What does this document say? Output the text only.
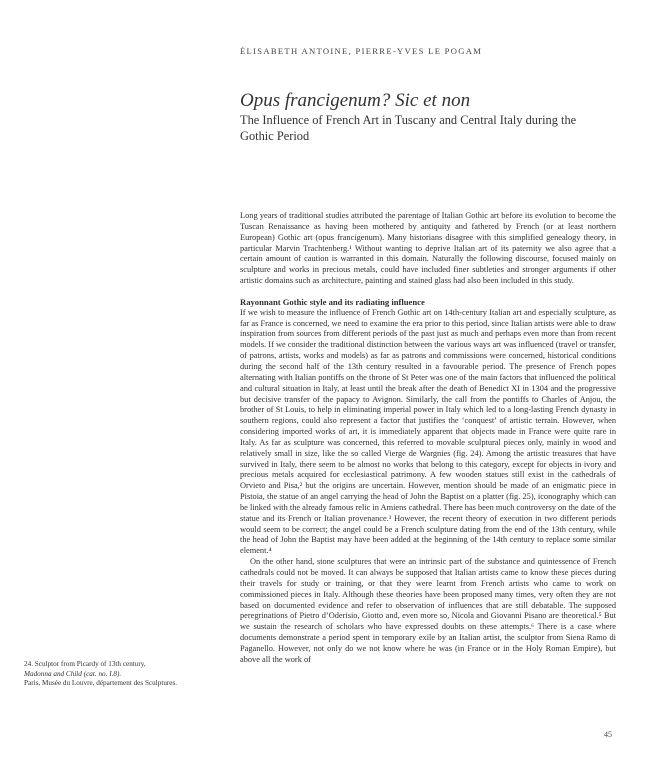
ÉLISABETH ANTOINE, PIERRE-YVES LE POGAM
Opus francigenum? Sic et non
The Influence of French Art in Tuscany and Central Italy during the Gothic Period

Long years of traditional studies attributed the parentage of Italian Gothic art before its evolution to become the Tuscan Renaissance as having been mothered by antiquity and fathered by French (or at least northern European) Gothic art (opus francigenum). Many historians disagree with this simplified genealogy theory, in particular Marvin Trachtenberg.¹ Without wanting to deprive Italian art of its paternity we also agree that a certain amount of caution is warranted in this domain. Naturally the following discourse, focused mainly on sculpture and works in precious metals, could have included finer subtleties and stronger arguments if other artistic domains such as architecture, painting and stained glass had also been included in this study.

Rayonnant Gothic style and its radiating influence

If we wish to measure the influence of French Gothic art on 14th-century Italian art and especially sculpture, as far as France is concerned, we need to examine the era prior to this period, since Italian artists were able to draw inspiration from sources from different periods of the past just as much and perhaps even more than from recent models. If we consider the traditional distinction between the various ways art was influenced (travel or transfer, of patrons, artists, works and models) as far as patrons and commissions were concerned, historical conditions during the second half of the 13th century resulted in a favourable period. The presence of French popes alternating with Italian pontiffs on the throne of St Peter was one of the main factors that influenced the political and cultural situation in Italy, at least until the break after the death of Benedict XI in 1304 and the progressive but decisive transfer of the papacy to Avignon. Similarly, the call from the pontiffs to Charles of Anjou, the brother of St Louis, to help in eliminating imperial power in Italy which led to a long-lasting French dynasty in southern regions, could also represent a factor that justifies the ‘conquest’ of artistic terrain. However, when considering imported works of art, it is immediately apparent that objects made in France were quite rare in Italy. As far as sculpture was concerned, this referred to movable sculptural pieces only, mainly in wood and relatively small in size, like the so called Vierge de Wargnies (fig. 24). Among the artistic treasures that have survived in Italy, there seem to be almost no works that belong to this category, except for objects in ivory and precious metals acquired for ecclesiastical patrimony. A few wooden statues still exist in the cathedrals of Orvieto and Pisa,² but the origins are uncertain. However, mention should be made of an enigmatic piece in Pistoia, the statue of an angel carrying the head of John the Baptist on a platter (fig. 25), iconography which can be linked with the already famous relic in Amiens cathedral. There has been much controversy on the date of the statue and its French or Italian provenance.³ However, the recent theory of execution in two different periods would seem to be correct; the angel could be a French sculpture dating from the end of the 13th century, while the head of John the Baptist may have been added at the beginning of the 14th century to replace some similar element.⁴

On the other hand, stone sculptures that were an intrinsic part of the substance and quintessence of French cathedrals could not be moved. It can always be supposed that Italian artists came to know these pieces during their travels for study or training, or that they were learnt from French artists who came to work on commissioned pieces in Italy. Although these theories have been proposed many times, very often they are not based on documented evidence and refer to observation of influences that are still debatable. The supposed peregrinations of Pietro d’Oderisio, Giotto and, even more so, Nicola and Giovanni Pisano are theoretical.⁵ But we sustain the research of scholars who have expressed doubts on these attempts.⁶ There is a case where documents demonstrate a period spent in temporary exile by an Italian artist, the sculptor from Siena Ramo di Paganello. However, not only do we not know where he was (in France or in the Holy Roman Empire), but above all the work of

24. Sculptor from Picardy of 13th century,
Madonna and Child (cat. no. I.8).
Paris, Musée du Louvre, département des Sculptures.
45
